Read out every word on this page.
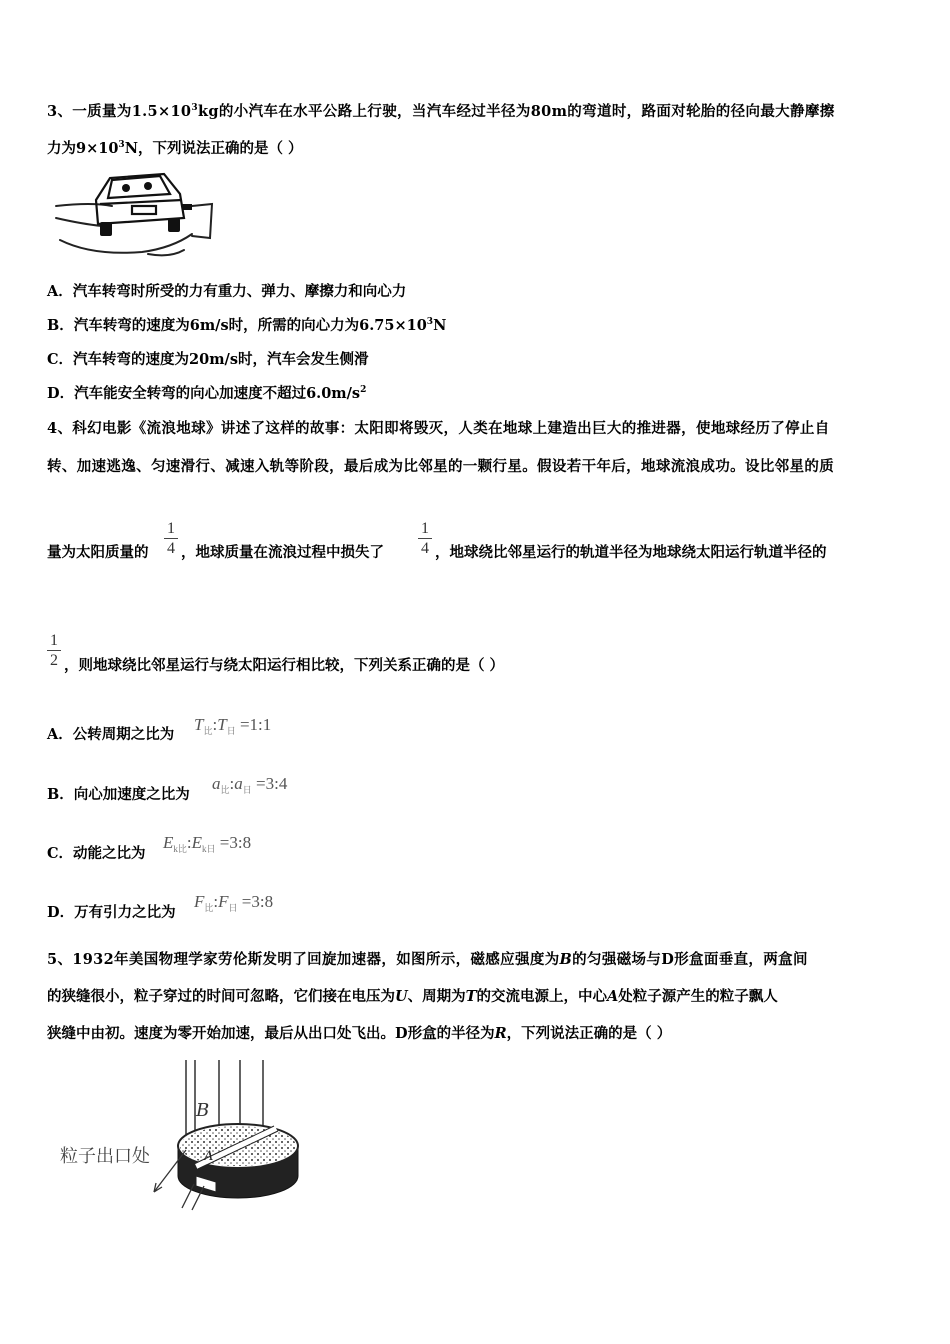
3、一质量为$1.5\times 10^3kg$的小汽车在水平公路上行驶，当汽车经过半径为80m的弯道时，路面对轮胎的径向最大静摩擦
力为$9\times 10^3N$，下列说法正确的是（ ）
A．汽车转弯时所受的力有重力、弹力、摩擦力和向心力
B．汽车转弯的速度为6m/s时，所需的向心力为$6.75\times 10^3N$
C．汽车转弯的速度为20m/s时，汽车会发生侧滑
D．汽车能安全转弯的向心加速度不超过$6.0m/s^2$
4、科幻电影《流浪地球》讲述了这样的故事：太阳即将毁灭，人类在地球上建造出巨大的推进器，使地球经历了停止自
转、加速逃逸、匀速滑行、减速入轨等阶段，最后成为比邻星的一颗行星。假设若干年后，地球流浪成功。设比邻星的质
量为太阳质量的
1
4 ，地球质量在流浪过程中损失了
1
4 ，地球绕比邻星运行的轨道半径为地球绕太阳运行轨道半径的
1
2 ，则地球绕比邻星运行与绕太阳运行相比较，下列关系正确的是（ ）
A．公转周期之比为
$T_比:T_日$ =1:1
B．向心加速度之比为
$a_比:a_日$ =3:4
C．动能之比为
$E_{k比}:E_{k日}$ =3:8
D．万有引力之比为
$F_比:F_日$ =3:8
5、1932年美国物理学家劳伦斯发明了回旋加速器，如图所示，磁感应强度为B的匀强磁场与D形盒面垂直，两盒间
的狭缝很小，粒子穿过的时间可忽略，它们接在电压为U、周期为T的交流电源上，中心A处粒子源产生的粒子飘人
狭缝中由初。速度为零开始加速，最后从出口处飞出。D形盒的半径为R，下列说法正确的是（ ）
B
粒子出口处	A
